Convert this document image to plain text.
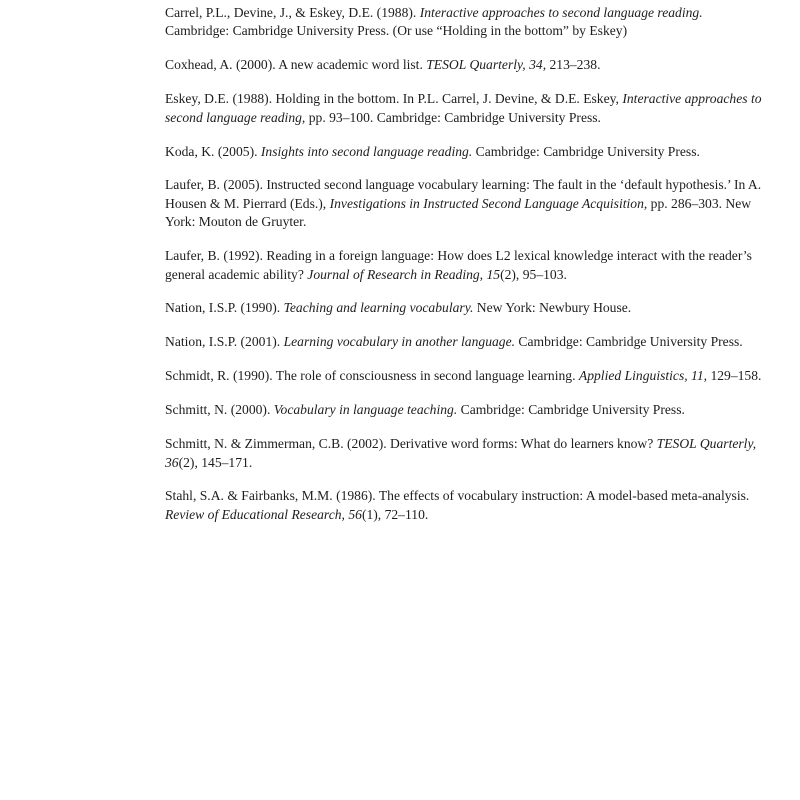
Carrel, P.L., Devine, J., & Eskey, D.E. (1988). Interactive approaches to second language reading. Cambridge: Cambridge University Press. (Or use “Holding in the bottom” by Eskey)

Coxhead, A. (2000). A new academic word list. TESOL Quarterly, 34, 213–238.

Eskey, D.E. (1988). Holding in the bottom. In P.L. Carrel, J. Devine, & D.E. Eskey, Interactive approaches to second language reading, pp. 93–100. Cambridge: Cambridge University Press.

Koda, K. (2005). Insights into second language reading. Cambridge: Cambridge University Press.

Laufer, B. (2005). Instructed second language vocabulary learning: The fault in the ‘default hypothesis.’ In A. Housen & M. Pierrard (Eds.), Investigations in Instructed Second Language Acquisition, pp. 286–303. New York: Mouton de Gruyter.

Laufer, B. (1992). Reading in a foreign language: How does L2 lexical knowledge interact with the reader’s general academic ability? Journal of Research in Reading, 15(2), 95–103.

Nation, I.S.P. (1990). Teaching and learning vocabulary. New York: Newbury House.

Nation, I.S.P. (2001). Learning vocabulary in another language. Cambridge: Cambridge University Press.

Schmidt, R. (1990). The role of consciousness in second language learning. Applied Linguistics, 11, 129–158.

Schmitt, N. (2000). Vocabulary in language teaching. Cambridge: Cambridge University Press.

Schmitt, N. & Zimmerman, C.B. (2002). Derivative word forms: What do learners know? TESOL Quarterly, 36(2), 145–171.

Stahl, S.A. & Fairbanks, M.M. (1986). The effects of vocabulary instruction: A model-based meta-analysis. Review of Educational Research, 56(1), 72–110.
